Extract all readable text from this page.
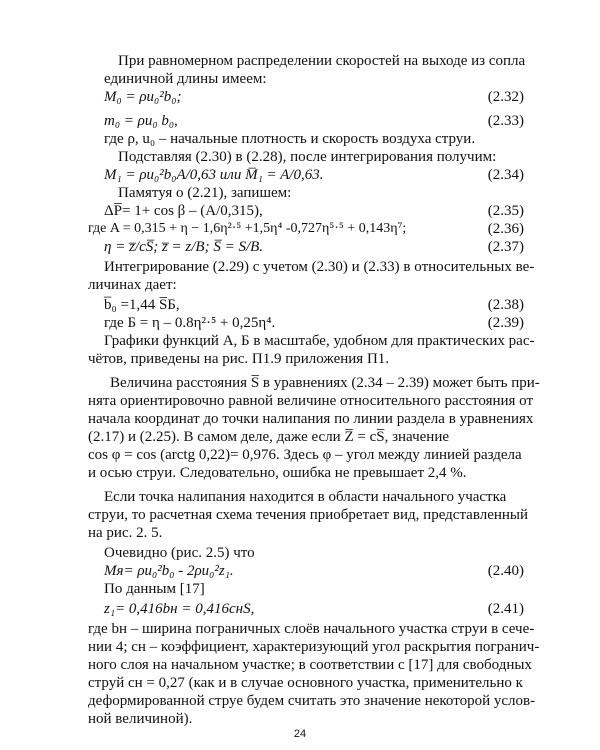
При равномерном распределении скоростей на выходе из сопла
единичной длины имеем:
M₀ = ρu₀²b₀;	(2.32)
m₀ = ρu₀ b₀,	(2.33)
где ρ, u₀ – начальные плотность и скорость воздуха струи.
Подставляя (2.30) в (2.28), после интегрирования получим:
M₁ = ρu₀²b₀A/0,63 или M̅₁ = A/0,63.	(2.34)
Памятуя о (2.21), запишем:
ΔP̅= 1+ cos β – (A/0,315),	(2.35)
где A = 0,315 + η − 1,6η²·⁵ +1,5η⁴ -0,727η⁵·⁵ + 0,143η⁷;	(2.36)
η = z̅/cS̅; z̅ = z/B; S̅ = S/B.	(2.37)
Интегрирование (2.29) с учетом (2.30) и (2.33) в относительных ве-
личинах дает:
b̅₀ =1,44 S̅Б,	(2.38)
где Б = η – 0.8η²·⁵ + 0,25η⁴.	(2.39)
Графики функций А, Б в масштабе, удобном для практических рас-
чётов, приведены на рис. П1.9 приложения П1.
Величина расстояния S̅ в уравнениях (2.34 – 2.39) может быть при-
нята ориентировочно равной величине относительного расстояния от
начала координат до точки налипания по линии раздела в уравнениях
(2.17) и (2.25). В самом деле, даже если Z̅ = cS̅, значение
cos φ = cos (arctg 0,22)= 0,976. Здесь φ – угол между линией раздела
и осью струи. Следовательно, ошибка не превышает 2,4 %.
Если точка налипания находится в области начального участка
струи, то расчетная схема течения приобретает вид, представленный
на рис. 2. 5.
Очевидно (рис. 2.5) что
Mя= ρu₀²b₀ - 2ρu₀²z₁.	(2.40)
По данным [17]
z₁= 0,416bн = 0,416cнS,	(2.41)
где bн – ширина пограничных слоёв начального участка струи в сече-
нии 4; cн – коэффициент, характеризующий угол раскрытия погранич-
ного слоя на начальном участке; в соответствии с [17] для свободных
струй cн = 0,27 (как и в случае основного участка, применительно к
деформированной струе будем считать это значение некоторой услов-
ной величиной).
24
